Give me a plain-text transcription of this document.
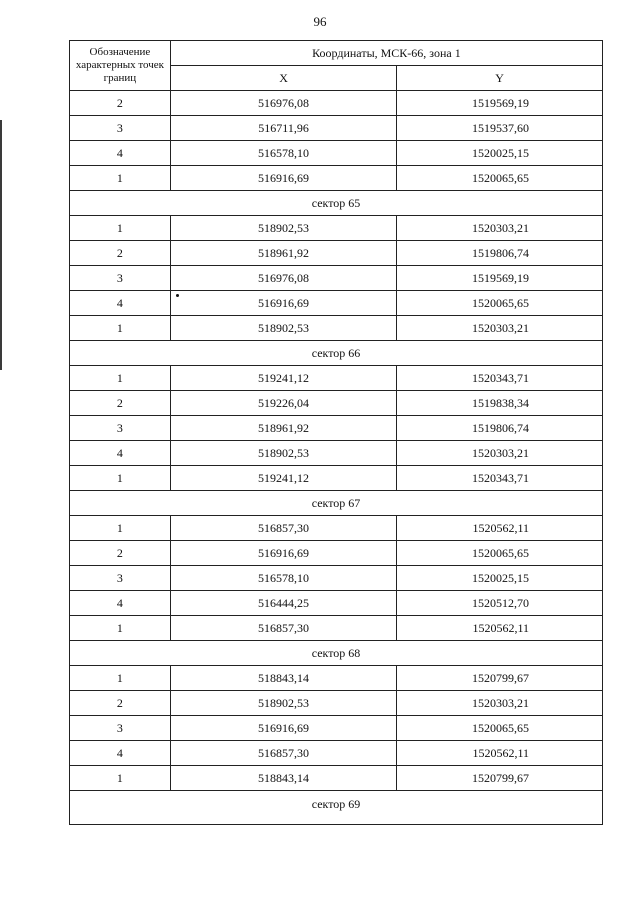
96
Обозначение характерных точек границ	Координаты, МСК-66, зона 1	
	X	Y
2	516976,08	1519569,19
3	516711,96	1519537,60
4	516578,10	1520025,15
1	516916,69	1520065,65
сектор 65		
1	518902,53	1520303,21
2	518961,92	1519806,74
3	516976,08	1519569,19
4	516916,69	1520065,65
1	518902,53	1520303,21
сектор 66		
1	519241,12	1520343,71
2	519226,04	1519838,34
3	518961,92	1519806,74
4	518902,53	1520303,21
1	519241,12	1520343,71
сектор 67		
1	516857,30	1520562,11
2	516916,69	1520065,65
3	516578,10	1520025,15
4	516444,25	1520512,70
1	516857,30	1520562,11
сектор 68		
1	518843,14	1520799,67
2	518902,53	1520303,21
3	516916,69	1520065,65
4	516857,30	1520562,11
1	518843,14	1520799,67
сектор 69		
